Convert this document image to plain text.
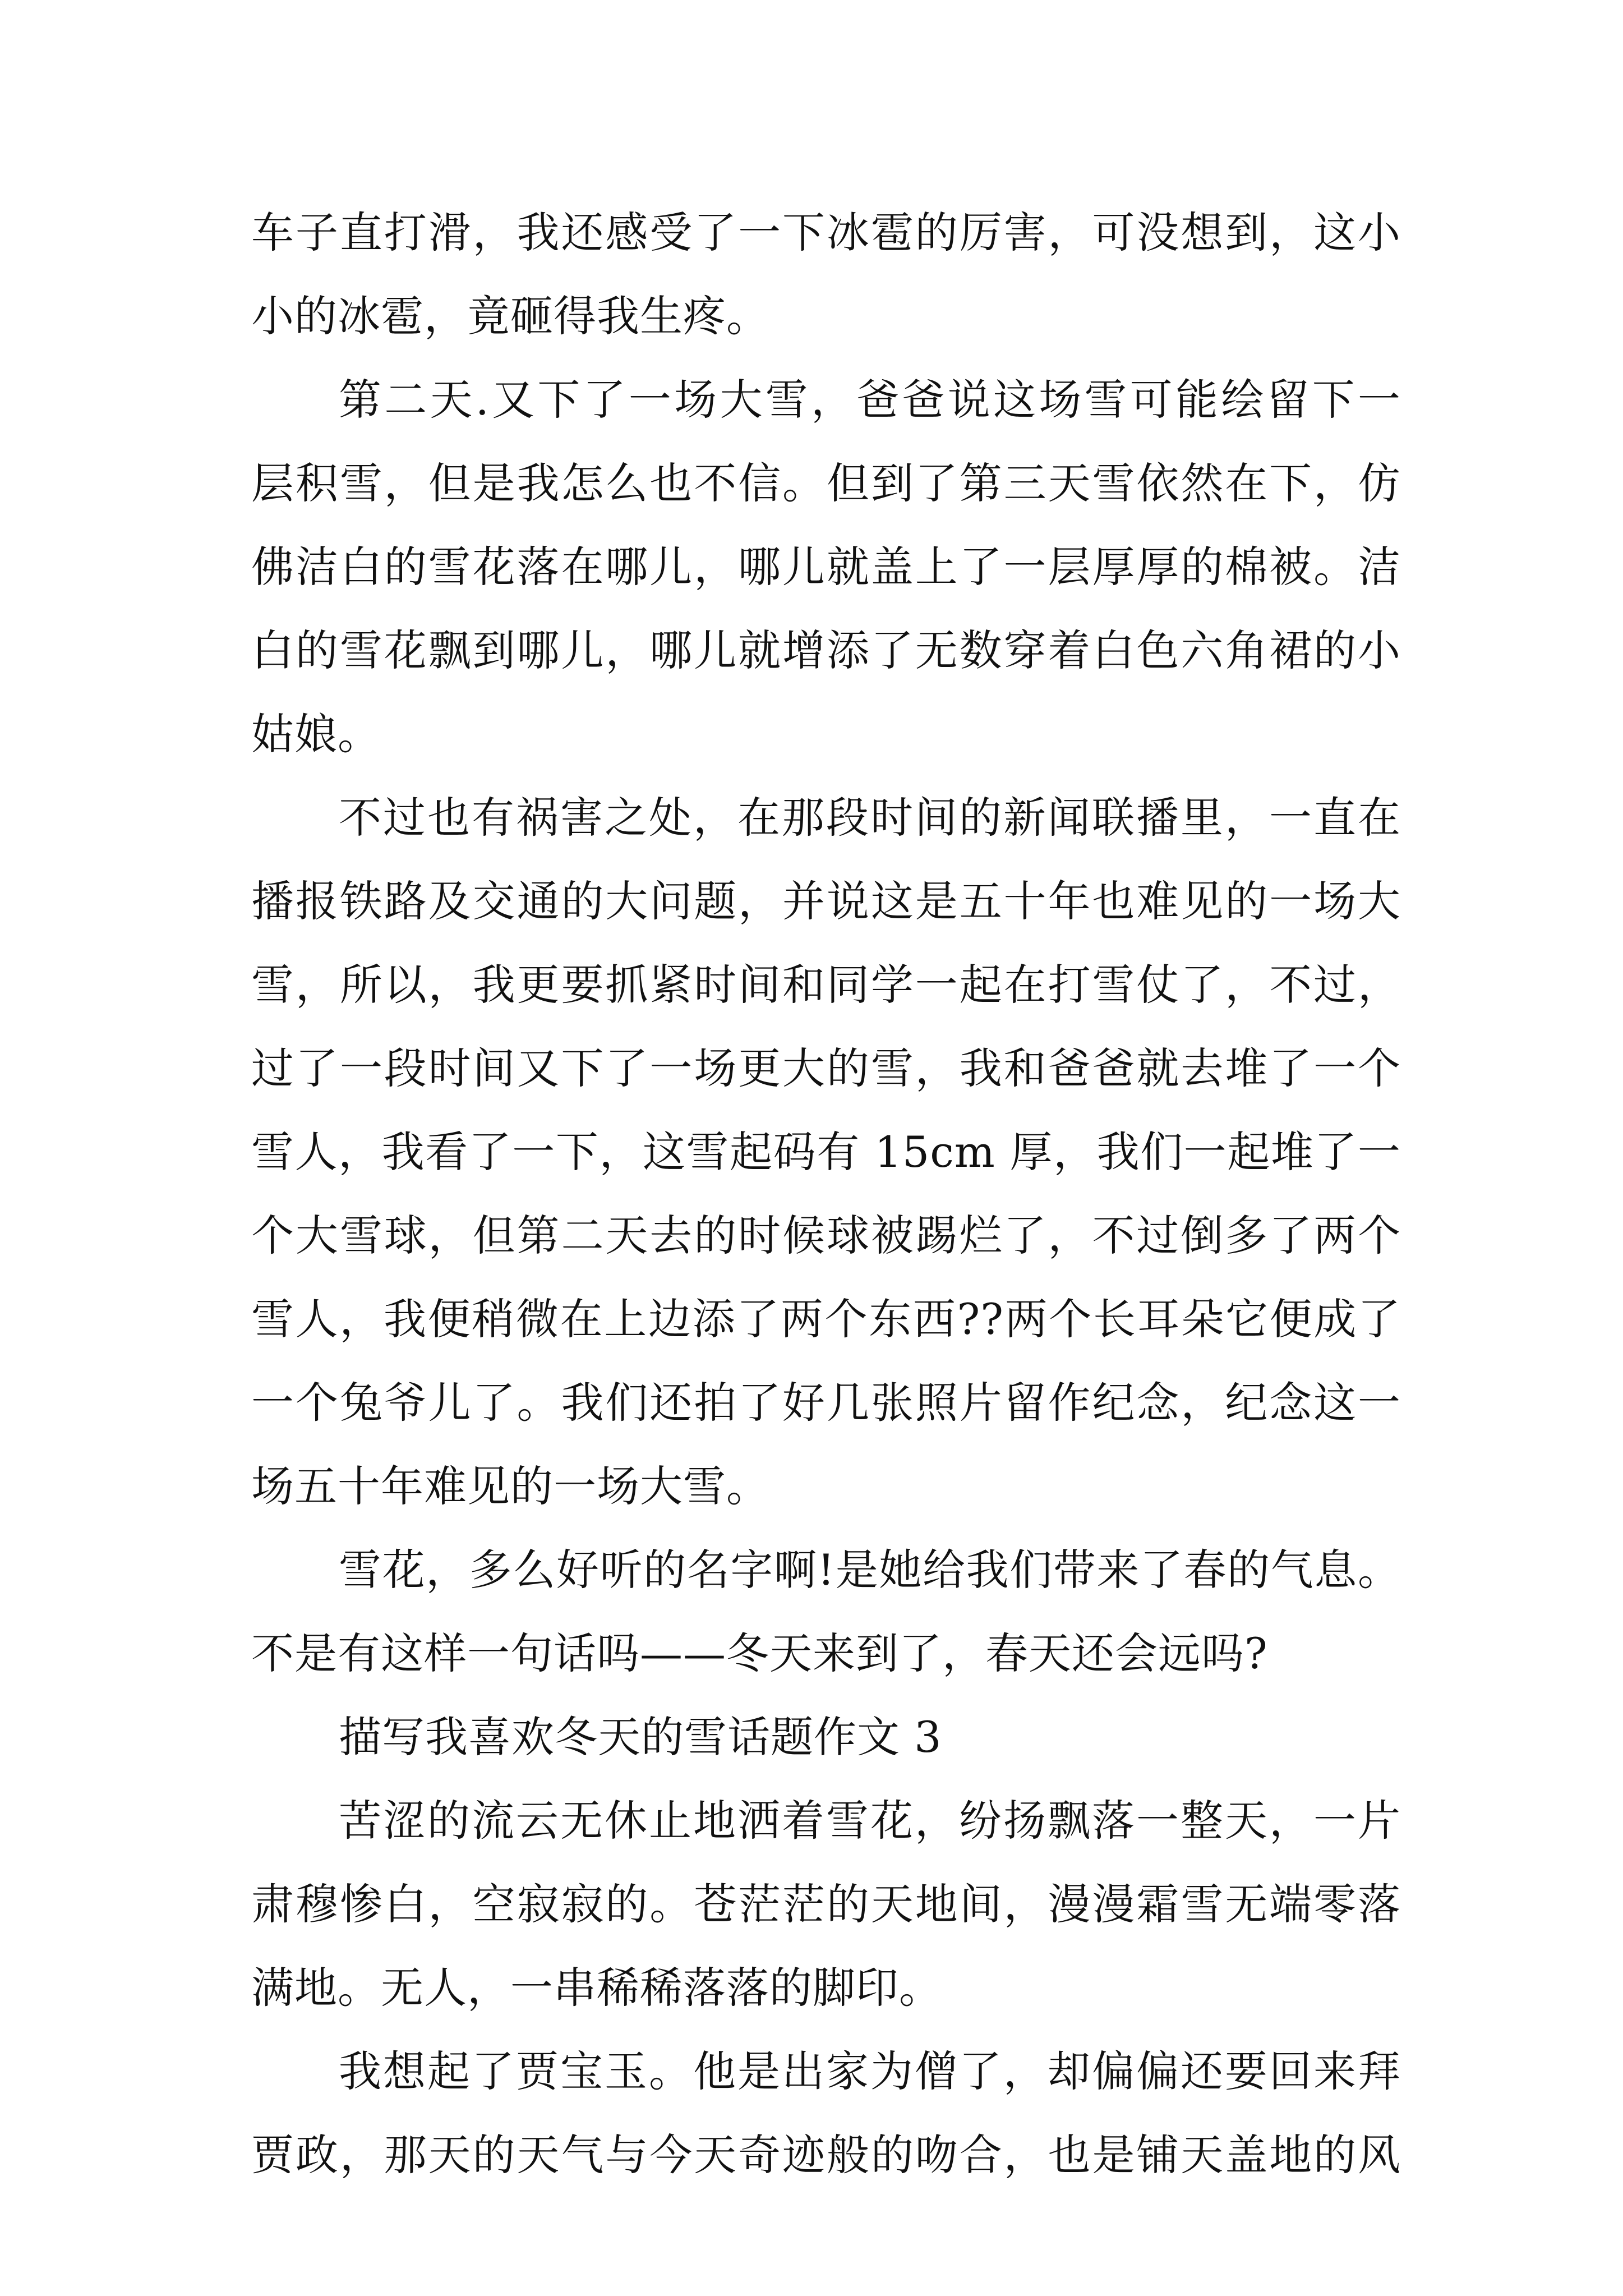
车子直打滑，我还感受了一下冰雹的厉害，可没想到，这小
小的冰雹，竟砸得我生疼。
第二天.又下了一场大雪，爸爸说这场雪可能绘留下一
层积雪，但是我怎么也不信。但到了第三天雪依然在下，仿
佛洁白的雪花落在哪儿，哪儿就盖上了一层厚厚的棉被。洁
白的雪花飘到哪儿，哪儿就增添了无数穿着白色六角裙的小
姑娘。
不过也有祸害之处，在那段时间的新闻联播里，一直在
播报铁路及交通的大问题，并说这是五十年也难见的一场大
雪，所以，我更要抓紧时间和同学一起在打雪仗了，不过，
过了一段时间又下了一场更大的雪，我和爸爸就去堆了一个
雪人，我看了一下，这雪起码有 15cm 厚，我们一起堆了一
个大雪球，但第二天去的时候球被踢烂了，不过倒多了两个
雪人，我便稍微在上边添了两个东西??两个长耳朵它便成了
一个兔爷儿了。我们还拍了好几张照片留作纪念，纪念这一
场五十年难见的一场大雪。
雪花，多么好听的名字啊!是她给我们带来了春的气息。
不是有这样一句话吗——冬天来到了，春天还会远吗?
描写我喜欢冬天的雪话题作文 3
苦涩的流云无休止地洒着雪花，纷扬飘落一整天，一片
肃穆惨白，空寂寂的。苍茫茫的天地间，漫漫霜雪无端零落
满地。无人，一串稀稀落落的脚印。
我想起了贾宝玉。他是出家为僧了，却偏偏还要回来拜
贾政，那天的天气与今天奇迹般的吻合，也是铺天盖地的风
